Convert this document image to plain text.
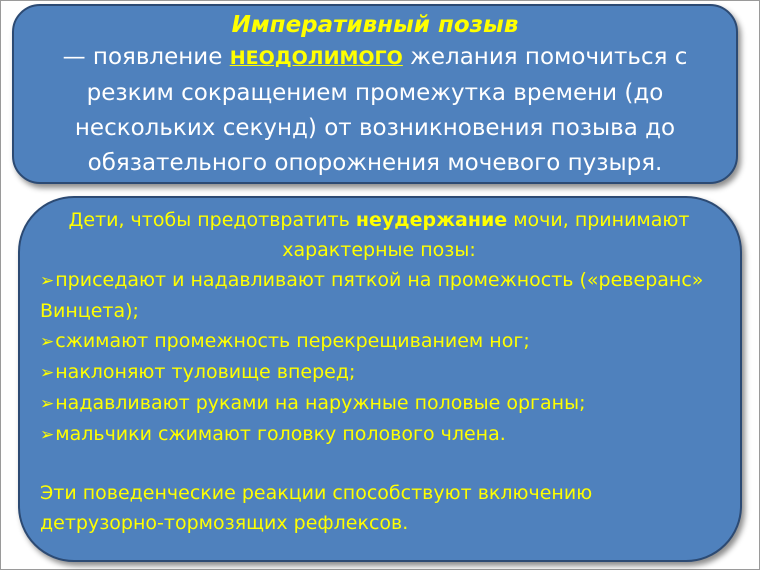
Императивный позыв
— появление НЕОДОЛИМОГО желания помочиться с резким сокращением промежутка времени (до нескольких секунд) от возникновения позыва до обязательного опорожнения мочевого пузыря.
Дети, чтобы предотвратить неудержание мочи, принимают характерные позы:
➢приседают и надавливают пяткой на промежность («реверанс» Винцета);
➢сжимают промежность перекрещиванием ног;
➢наклоняют туловище вперед;
➢надавливают руками на наружные половые органы;
➢мальчики сжимают головку полового члена.
Эти поведенческие реакции способствуют включению детрузорно-тормозящих рефлексов.
